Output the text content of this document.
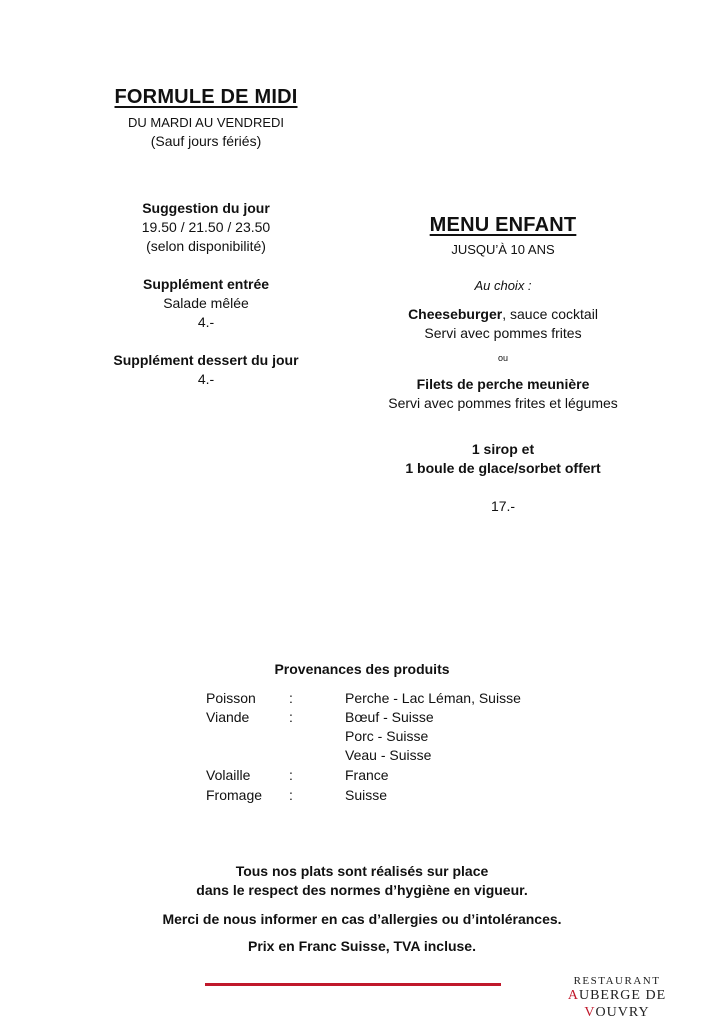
FORMULE DE MIDI

DU MARDI AU VENDREDI

(Sauf jours fériés)

Suggestion du jour

19.50 / 21.50 / 23.50

(selon disponibilité)

Supplément entrée

Salade mêlée

4.-

Supplément dessert du jour

4.-

MENU ENFANT

JUSQU’À 10 ANS

Au choix :

Cheeseburger, sauce cocktail

Servi avec pommes frites

ou

Filets de perche meunière

Servi avec pommes frites et légumes

1 sirop et

1 boule de glace/sorbet offert

17.-

Provenances des produits
Poisson :	Perche - Lac Léman, Suisse
Viande	:	Bœuf - Suisse
Porc - Suisse
Veau - Suisse
Volaille	:	France
Fromage :	Suisse

Tous nos plats sont réalisés sur place

dans le respect des normes d’hygiène en vigueur.

Merci de nous informer en cas d’allergies ou d’intolérances.

Prix en Franc Suisse, TVA incluse.

RESTAURANT
AUBERGE DE VOUVRY
